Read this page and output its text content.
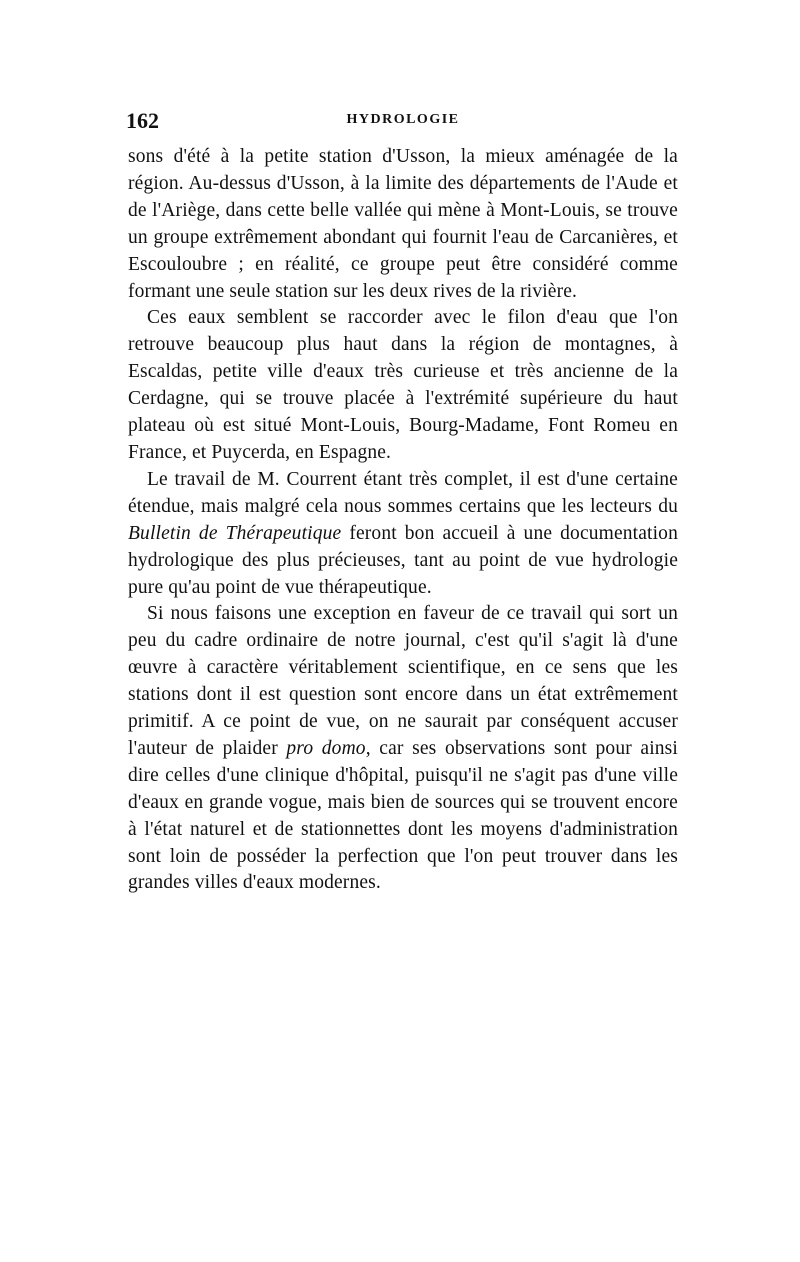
162	HYDROLOGIE

sons d'été à la petite station d'Usson, la mieux aménagée de la région. Au-dessus d'Usson, à la limite des départements de l'Aude et de l'Ariège, dans cette belle vallée qui mène à Mont-Louis, se trouve un groupe extrêmement abondant qui fournit l'eau de Carcanières, et Escouloubre ; en réalité, ce groupe peut être considéré comme formant une seule station sur les deux rives de la rivière.

Ces eaux semblent se raccorder avec le filon d'eau que l'on retrouve beaucoup plus haut dans la région de montagnes, à Escaldas, petite ville d'eaux très curieuse et très ancienne de la Cerdagne, qui se trouve placée à l'extrémité supérieure du haut plateau où est situé Mont-Louis, Bourg-Madame, Font Romeu en France, et Puycerda, en Espagne.

Le travail de M. Courrent étant très complet, il est d'une certaine étendue, mais malgré cela nous sommes certains que les lecteurs du Bulletin de Thérapeutique feront bon accueil à une documentation hydrologique des plus précieuses, tant au point de vue hydrologie pure qu'au point de vue thérapeutique.

Si nous faisons une exception en faveur de ce travail qui sort un peu du cadre ordinaire de notre journal, c'est qu'il s'agit là d'une œuvre à caractère véritablement scientifique, en ce sens que les stations dont il est question sont encore dans un état extrêmement primitif. A ce point de vue, on ne saurait par conséquent accuser l'auteur de plaider pro domo, car ses observations sont pour ainsi dire celles d'une clinique d'hôpital, puisqu'il ne s'agit pas d'une ville d'eaux en grande vogue, mais bien de sources qui se trouvent encore à l'état naturel et de stationnettes dont les moyens d'administration sont loin de posséder la perfection que l'on peut trouver dans les grandes villes d'eaux modernes.
